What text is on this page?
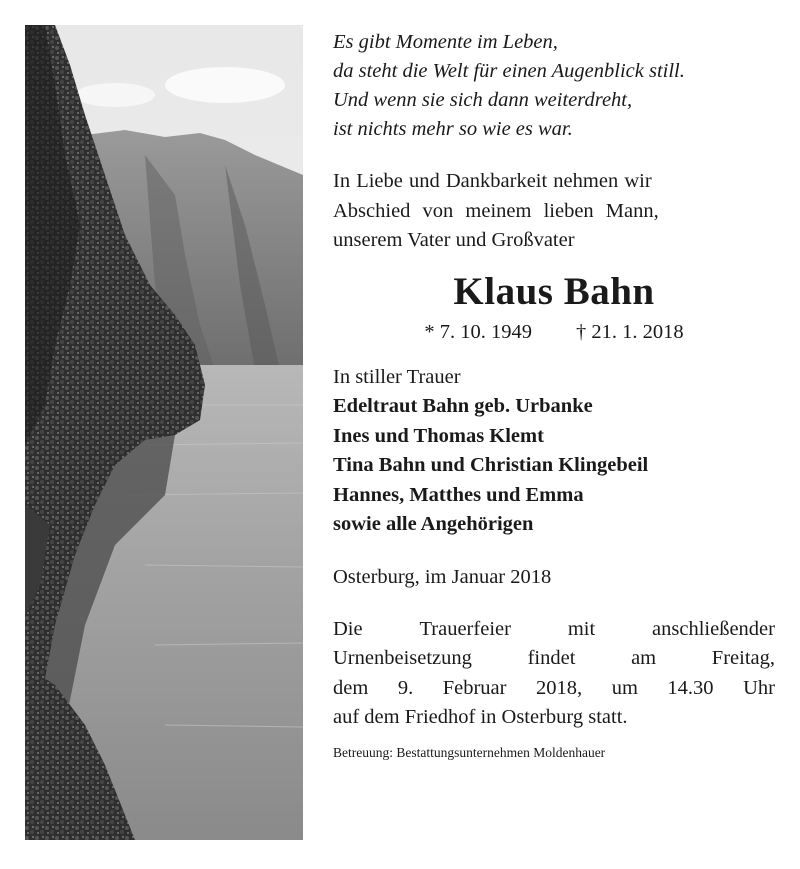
Es gibt Momente im Leben,
da steht die Welt für einen Augenblick still.
Und wenn sie sich dann weiterdreht,
ist nichts mehr so wie es war.
In Liebe und Dankbarkeit nehmen wir
Abschied von meinem lieben Mann,
unserem Vater und Großvater
Klaus Bahn
* 7. 10. 1949 † 21. 1. 2018
In stiller Trauer
Edeltraut Bahn geb. Urbanke
Ines und Thomas Klemt
Tina Bahn und Christian Klingebeil
Hannes, Matthes und Emma
sowie alle Angehörigen
Osterburg, im Januar 2018
Die	Trauerfeier	mit	anschließender
Urnenbeisetzung	findet	am	Freitag,
dem 9. Februar 2018, um 14.30 Uhr
auf dem Friedhof in Osterburg statt.
Betreuung: Bestattungsunternehmen Moldenhauer
